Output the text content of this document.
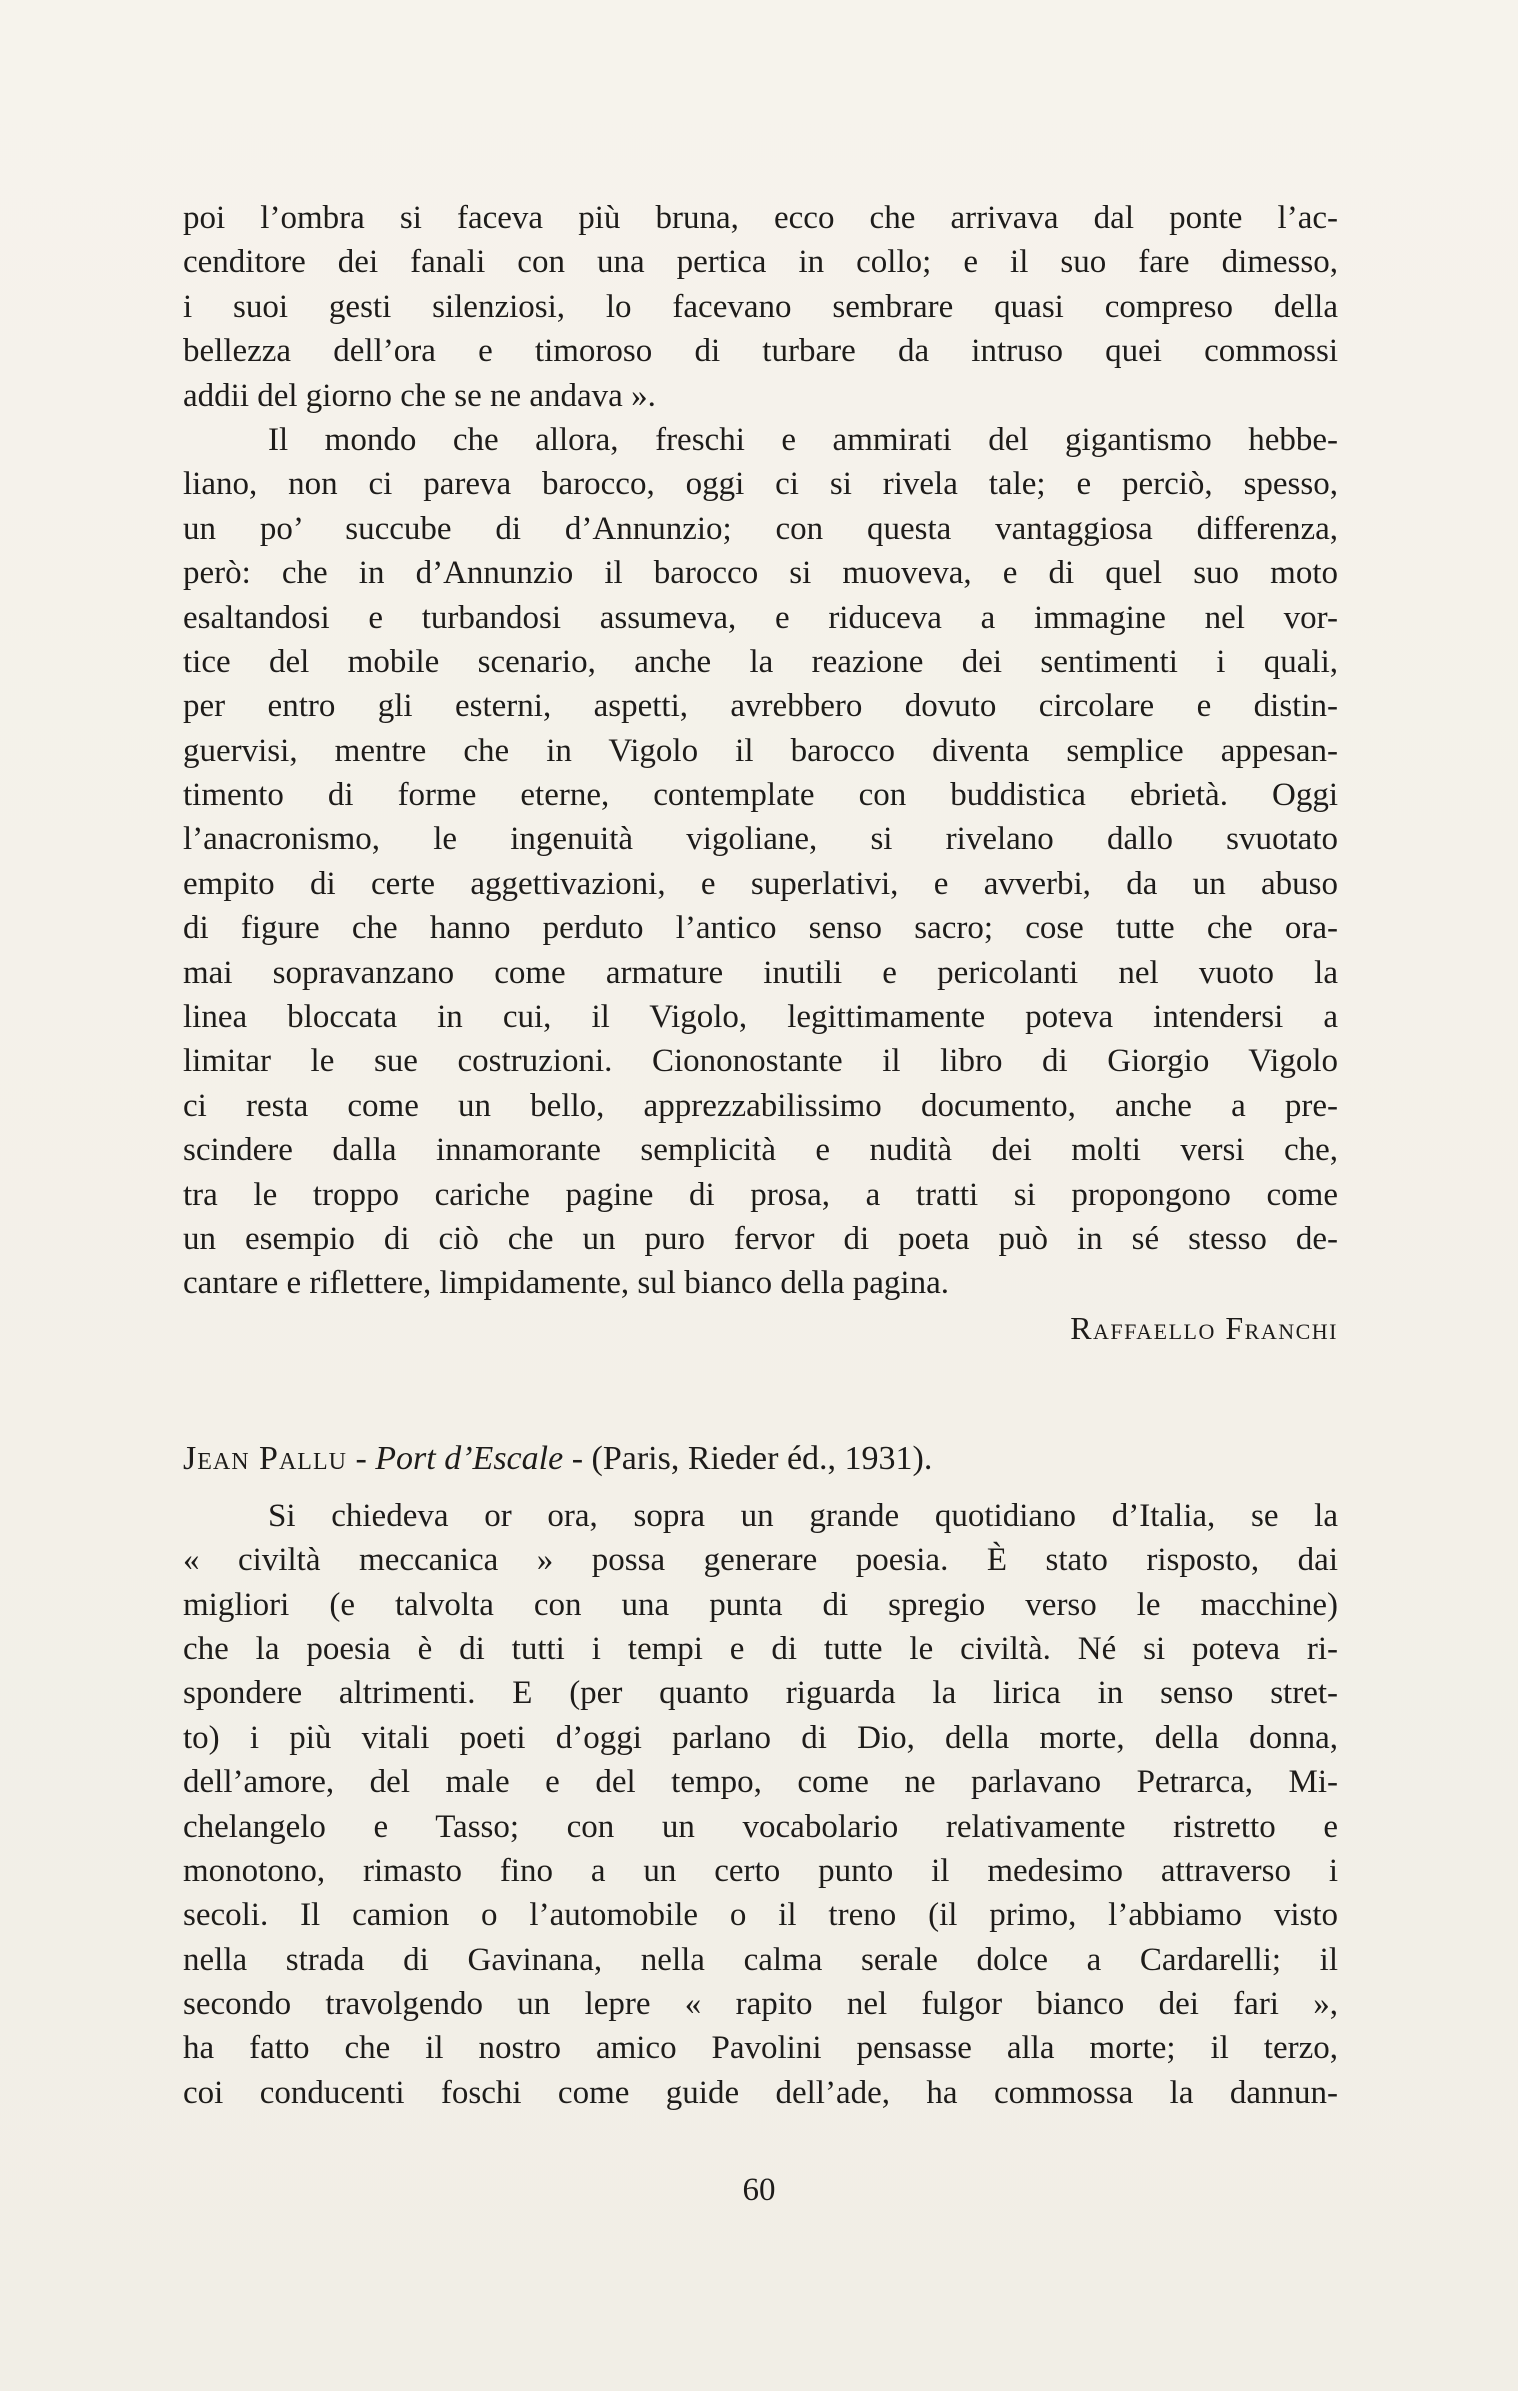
poi l’ombra si faceva più bruna, ecco che arrivava dal ponte l’ac-

cenditore dei fanali con una pertica in collo; e il suo fare dimesso,

i suoi gesti silenziosi, lo facevano sembrare quasi compreso della

bellezza dell’ora e timoroso di turbare da intruso quei commossi

addii del giorno che se ne andava ».

Il mondo che allora, freschi e ammirati del gigantismo hebbe-

liano, non ci pareva barocco, oggi ci si rivela tale; e perciò, spesso,

un po’ succube di d’Annunzio; con questa vantaggiosa differenza,

però: che in d’Annunzio il barocco si muoveva, e di quel suo moto

esaltandosi e turbandosi assumeva, e riduceva a immagine nel vor-

tice del mobile scenario, anche la reazione dei sentimenti i quali,

per entro gli esterni, aspetti, avrebbero dovuto circolare e distin-

guervisi, mentre che in Vigolo il barocco diventa semplice appesan-

timento di forme eterne, contemplate con buddistica ebrietà. Oggi

l’anacronismo, le ingenuità vigoliane, si rivelano dallo svuotato

empito di certe aggettivazioni, e superlativi, e avverbi, da un abuso

di figure che hanno perduto l’antico senso sacro; cose tutte che ora-

mai sopravanzano come armature inutili e pericolanti nel vuoto la

linea bloccata in cui, il Vigolo, legittimamente poteva intendersi a

limitar le sue costruzioni. Ciononostante il libro di Giorgio Vigolo

ci resta come un bello, apprezzabilissimo documento, anche a pre-

scindere dalla innamorante semplicità e nudità dei molti versi che,

tra le troppo cariche pagine di prosa, a tratti si propongono come

un esempio di ciò che un puro fervor di poeta può in sé stesso de-

cantare e riflettere, limpidamente, sul bianco della pagina.

Raffaello Franchi

Jean Pallu - Port d’Escale - (Paris, Rieder éd., 1931).

Si chiedeva or ora, sopra un grande quotidiano d’Italia, se la

« civiltà meccanica » possa generare poesia. È stato risposto, dai

migliori (e talvolta con una punta di spregio verso le macchine)

che la poesia è di tutti i tempi e di tutte le civiltà. Né si poteva ri-

spondere altrimenti. E (per quanto riguarda la lirica in senso stret-

to) i più vitali poeti d’oggi parlano di Dio, della morte, della donna,

dell’amore, del male e del tempo, come ne parlavano Petrarca, Mi-

chelangelo e Tasso; con un vocabolario relativamente ristretto e

monotono, rimasto fino a un certo punto il medesimo attraverso i

secoli. Il camion o l’automobile o il treno (il primo, l’abbiamo visto

nella strada di Gavinana, nella calma serale dolce a Cardarelli; il

secondo travolgendo un lepre « rapito nel fulgor bianco dei fari »,

ha fatto che il nostro amico Pavolini pensasse alla morte; il terzo,

coi conducenti foschi come guide dell’ade, ha commossa la dannun-

60
